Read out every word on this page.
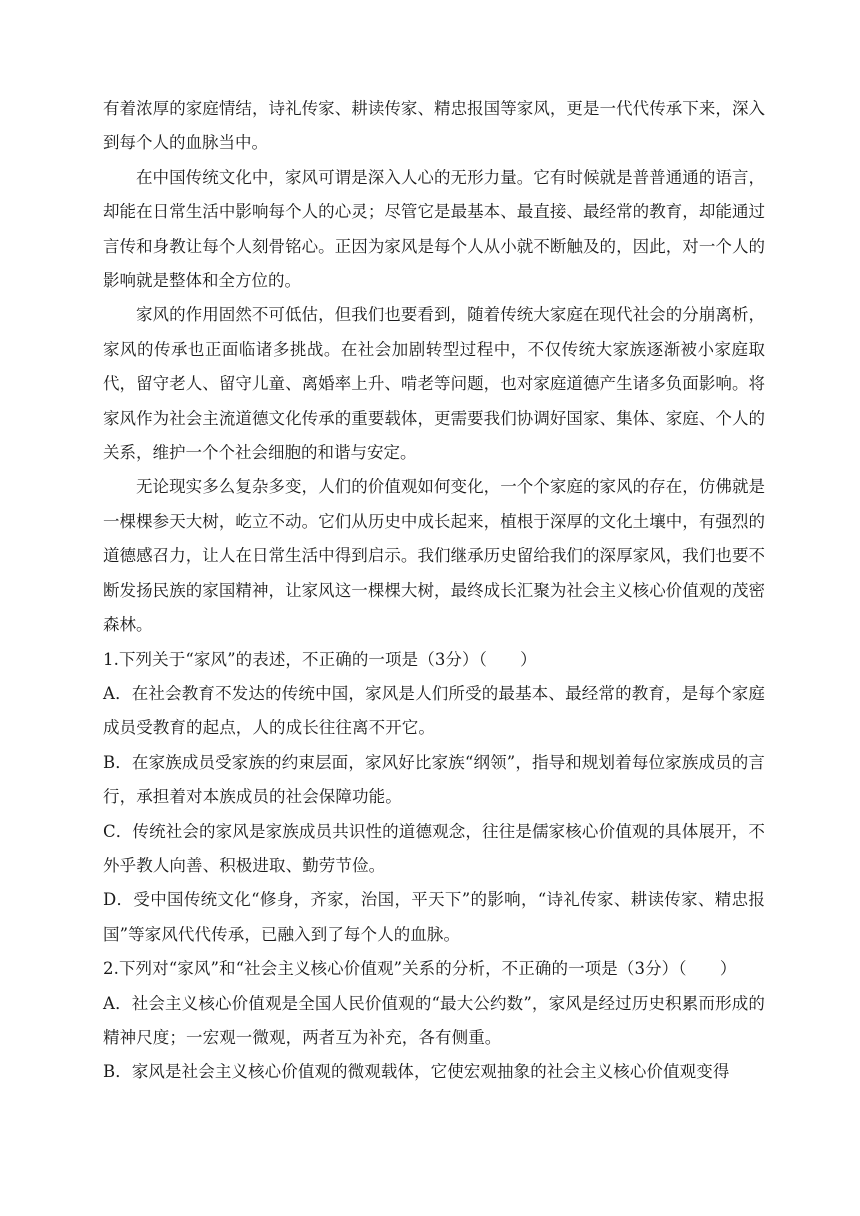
有着浓厚的家庭情结，诗礼传家、耕读传家、精忠报国等家风，更是一代代传承下来，深入到每个人的血脉当中。

在中国传统文化中，家风可谓是深入人心的无形力量。它有时候就是普普通通的语言，却能在日常生活中影响每个人的心灵；尽管它是最基本、最直接、最经常的教育，却能通过言传和身教让每个人刻骨铭心。正因为家风是每个人从小就不断触及的，因此，对一个人的影响就是整体和全方位的。

家风的作用固然不可低估，但我们也要看到，随着传统大家庭在现代社会的分崩离析，家风的传承也正面临诸多挑战。在社会加剧转型过程中，不仅传统大家族逐渐被小家庭取代，留守老人、留守儿童、离婚率上升、啃老等问题，也对家庭道德产生诸多负面影响。将家风作为社会主流道德文化传承的重要载体，更需要我们协调好国家、集体、家庭、个人的关系，维护一个个社会细胞的和谐与安定。

无论现实多么复杂多变，人们的价值观如何变化，一个个家庭的家风的存在，仿佛就是一棵棵参天大树，屹立不动。它们从历史中成长起来，植根于深厚的文化土壤中，有强烈的道德感召力，让人在日常生活中得到启示。我们继承历史留给我们的深厚家风，我们也要不断发扬民族的家国精神，让家风这一棵棵大树，最终成长汇聚为社会主义核心价值观的茂密森林。

1.下列关于“家风”的表述，不正确的一项是（3分）（　　）

A．在社会教育不发达的传统中国，家风是人们所受的最基本、最经常的教育，是每个家庭成员受教育的起点，人的成长往往离不开它。

B．在家族成员受家族的约束层面，家风好比家族“纲领”，指导和规划着每位家族成员的言行，承担着对本族成员的社会保障功能。

C．传统社会的家风是家族成员共识性的道德观念，往往是儒家核心价值观的具体展开，不外乎教人向善、积极进取、勤劳节俭。

D．受中国传统文化“修身，齐家，治国，平天下”的影响，“诗礼传家、耕读传家、精忠报国”等家风代代传承，已融入到了每个人的血脉。

2.下列对“家风”和“社会主义核心价值观”关系的分析，不正确的一项是（3分）（　　）

A．社会主义核心价值观是全国人民价值观的“最大公约数”，家风是经过历史积累而形成的精神尺度；一宏观一微观，两者互为补充，各有侧重。

B．家风是社会主义核心价值观的微观载体，它使宏观抽象的社会主义核心价值观变得
